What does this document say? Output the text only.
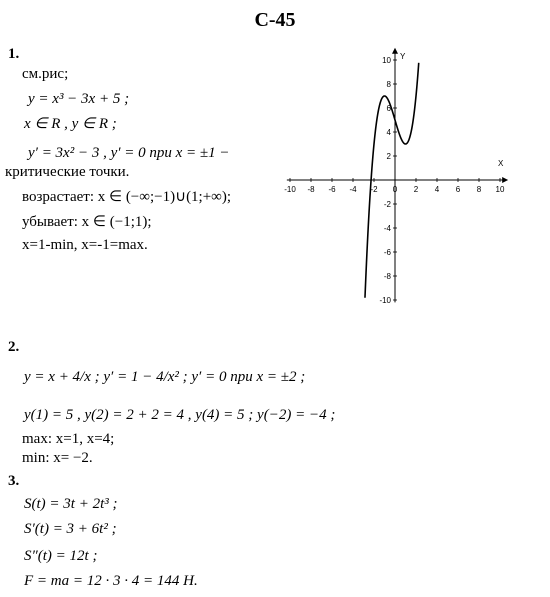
С-45
1.
см.рис;
y = x³ − 3x + 5 ;
x ∈ R , y ∈ R ;
y′ = 3x² − 3 , y′ = 0 при x = ±1 −
критические точки.
возрастает: x ∈ (−∞;−1)∪(1;+∞);
убывает: x ∈ (−1;1);
x=1-min, x=-1=max.
X
Y
-10 -8 -6 -4 -2 0 2 4 6 8 10
10
8
6
4
2
-2
-4
-6
-8
-10
2.
y = x + 4/x ; y′ = 1 − 4/x² ; y′ = 0 при x = ±2 ;
y(1) = 5 , y(2) = 2 + 2 = 4 , y(4) = 5 ; y(−2) = −4 ;
max: x=1, x=4;
min: x= −2.
3.
S(t) = 3t + 2t³ ;
S′(t) = 3 + 6t² ;
S″(t) = 12t ;
F = ma = 12 · 3 · 4 = 144 Н.
